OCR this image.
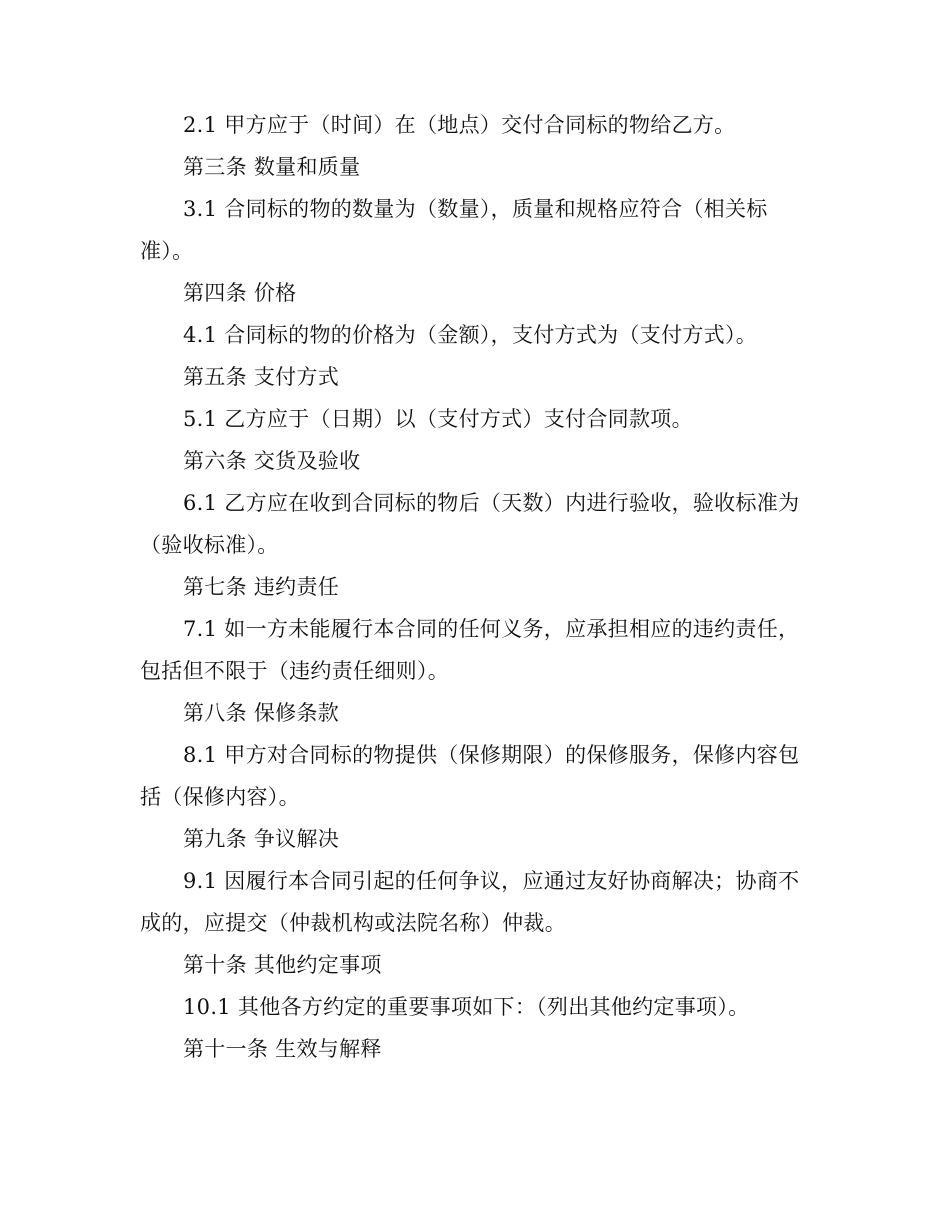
2.1 甲方应于（时间）在（地点）交付合同标的物给乙方。

第三条 数量和质量

3.1 合同标的物的数量为（数量），质量和规格应符合（相关标准）。

第四条 价格

4.1 合同标的物的价格为（金额），支付方式为（支付方式）。

第五条 支付方式

5.1 乙方应于（日期）以（支付方式）支付合同款项。

第六条 交货及验收

6.1 乙方应在收到合同标的物后（天数）内进行验收，验收标准为（验收标准）。

第七条 违约责任

7.1 如一方未能履行本合同的任何义务，应承担相应的违约责任，包括但不限于（违约责任细则）。

第八条 保修条款

8.1 甲方对合同标的物提供（保修期限）的保修服务，保修内容包括（保修内容）。

第九条 争议解决

9.1 因履行本合同引起的任何争议，应通过友好协商解决；协商不成的，应提交（仲裁机构或法院名称）仲裁。

第十条 其他约定事项

10.1 其他各方约定的重要事项如下：（列出其他约定事项）。

第十一条 生效与解释
